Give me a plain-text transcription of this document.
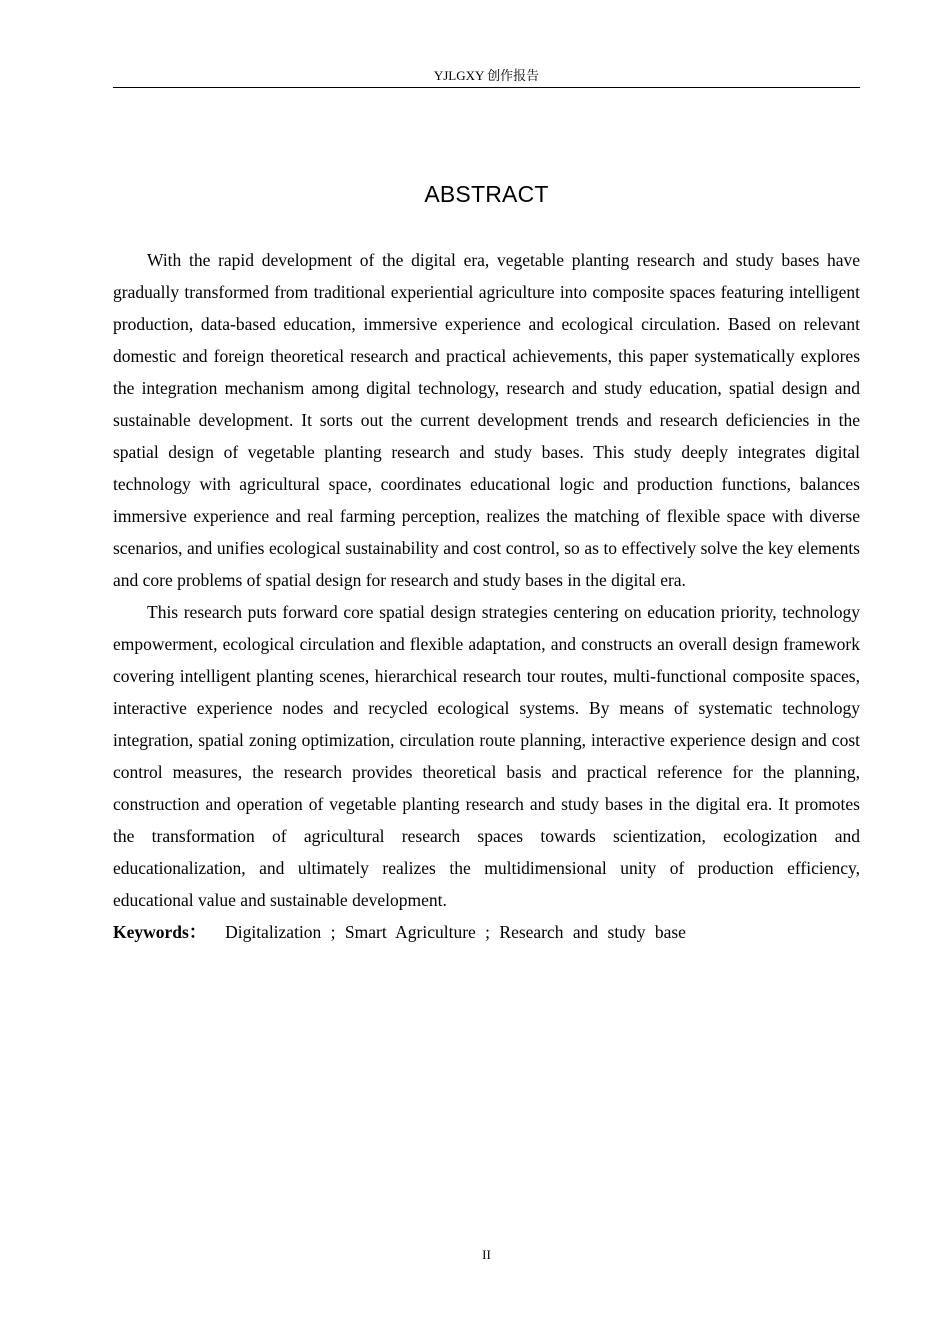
YJLGXY 创作报告
ABSTRACT

With the rapid development of the digital era, vegetable planting research and study bases have gradually transformed from traditional experiential agriculture into composite spaces featuring intelligent production, data-based education, immersive experience and ecological circulation. Based on relevant domestic and foreign theoretical research and practical achievements, this paper systematically explores the integration mechanism among digital technology, research and study education, spatial design and sustainable development. It sorts out the current development trends and research deficiencies in the spatial design of vegetable planting research and study bases. This study deeply integrates digital technology with agricultural space, coordinates educational logic and production functions, balances immersive experience and real farming perception, realizes the matching of flexible space with diverse scenarios, and unifies ecological sustainability and cost control, so as to effectively solve the key elements and core problems of spatial design for research and study bases in the digital era.

This research puts forward core spatial design strategies centering on education priority, technology empowerment, ecological circulation and flexible adaptation, and constructs an overall design framework covering intelligent planting scenes, hierarchical research tour routes, multi-functional composite spaces, interactive experience nodes and recycled ecological systems. By means of systematic technology integration, spatial zoning optimization, circulation route planning, interactive experience design and cost control measures, the research provides theoretical basis and practical reference for the planning, construction and operation of vegetable planting research and study bases in the digital era. It promotes the transformation of agricultural research spaces towards scientization, ecologization and educationalization, and ultimately realizes the multidimensional unity of production efficiency, educational value and sustainable development.

Keywords：  Digitalization ; Smart Agriculture ; Research and study base

II
